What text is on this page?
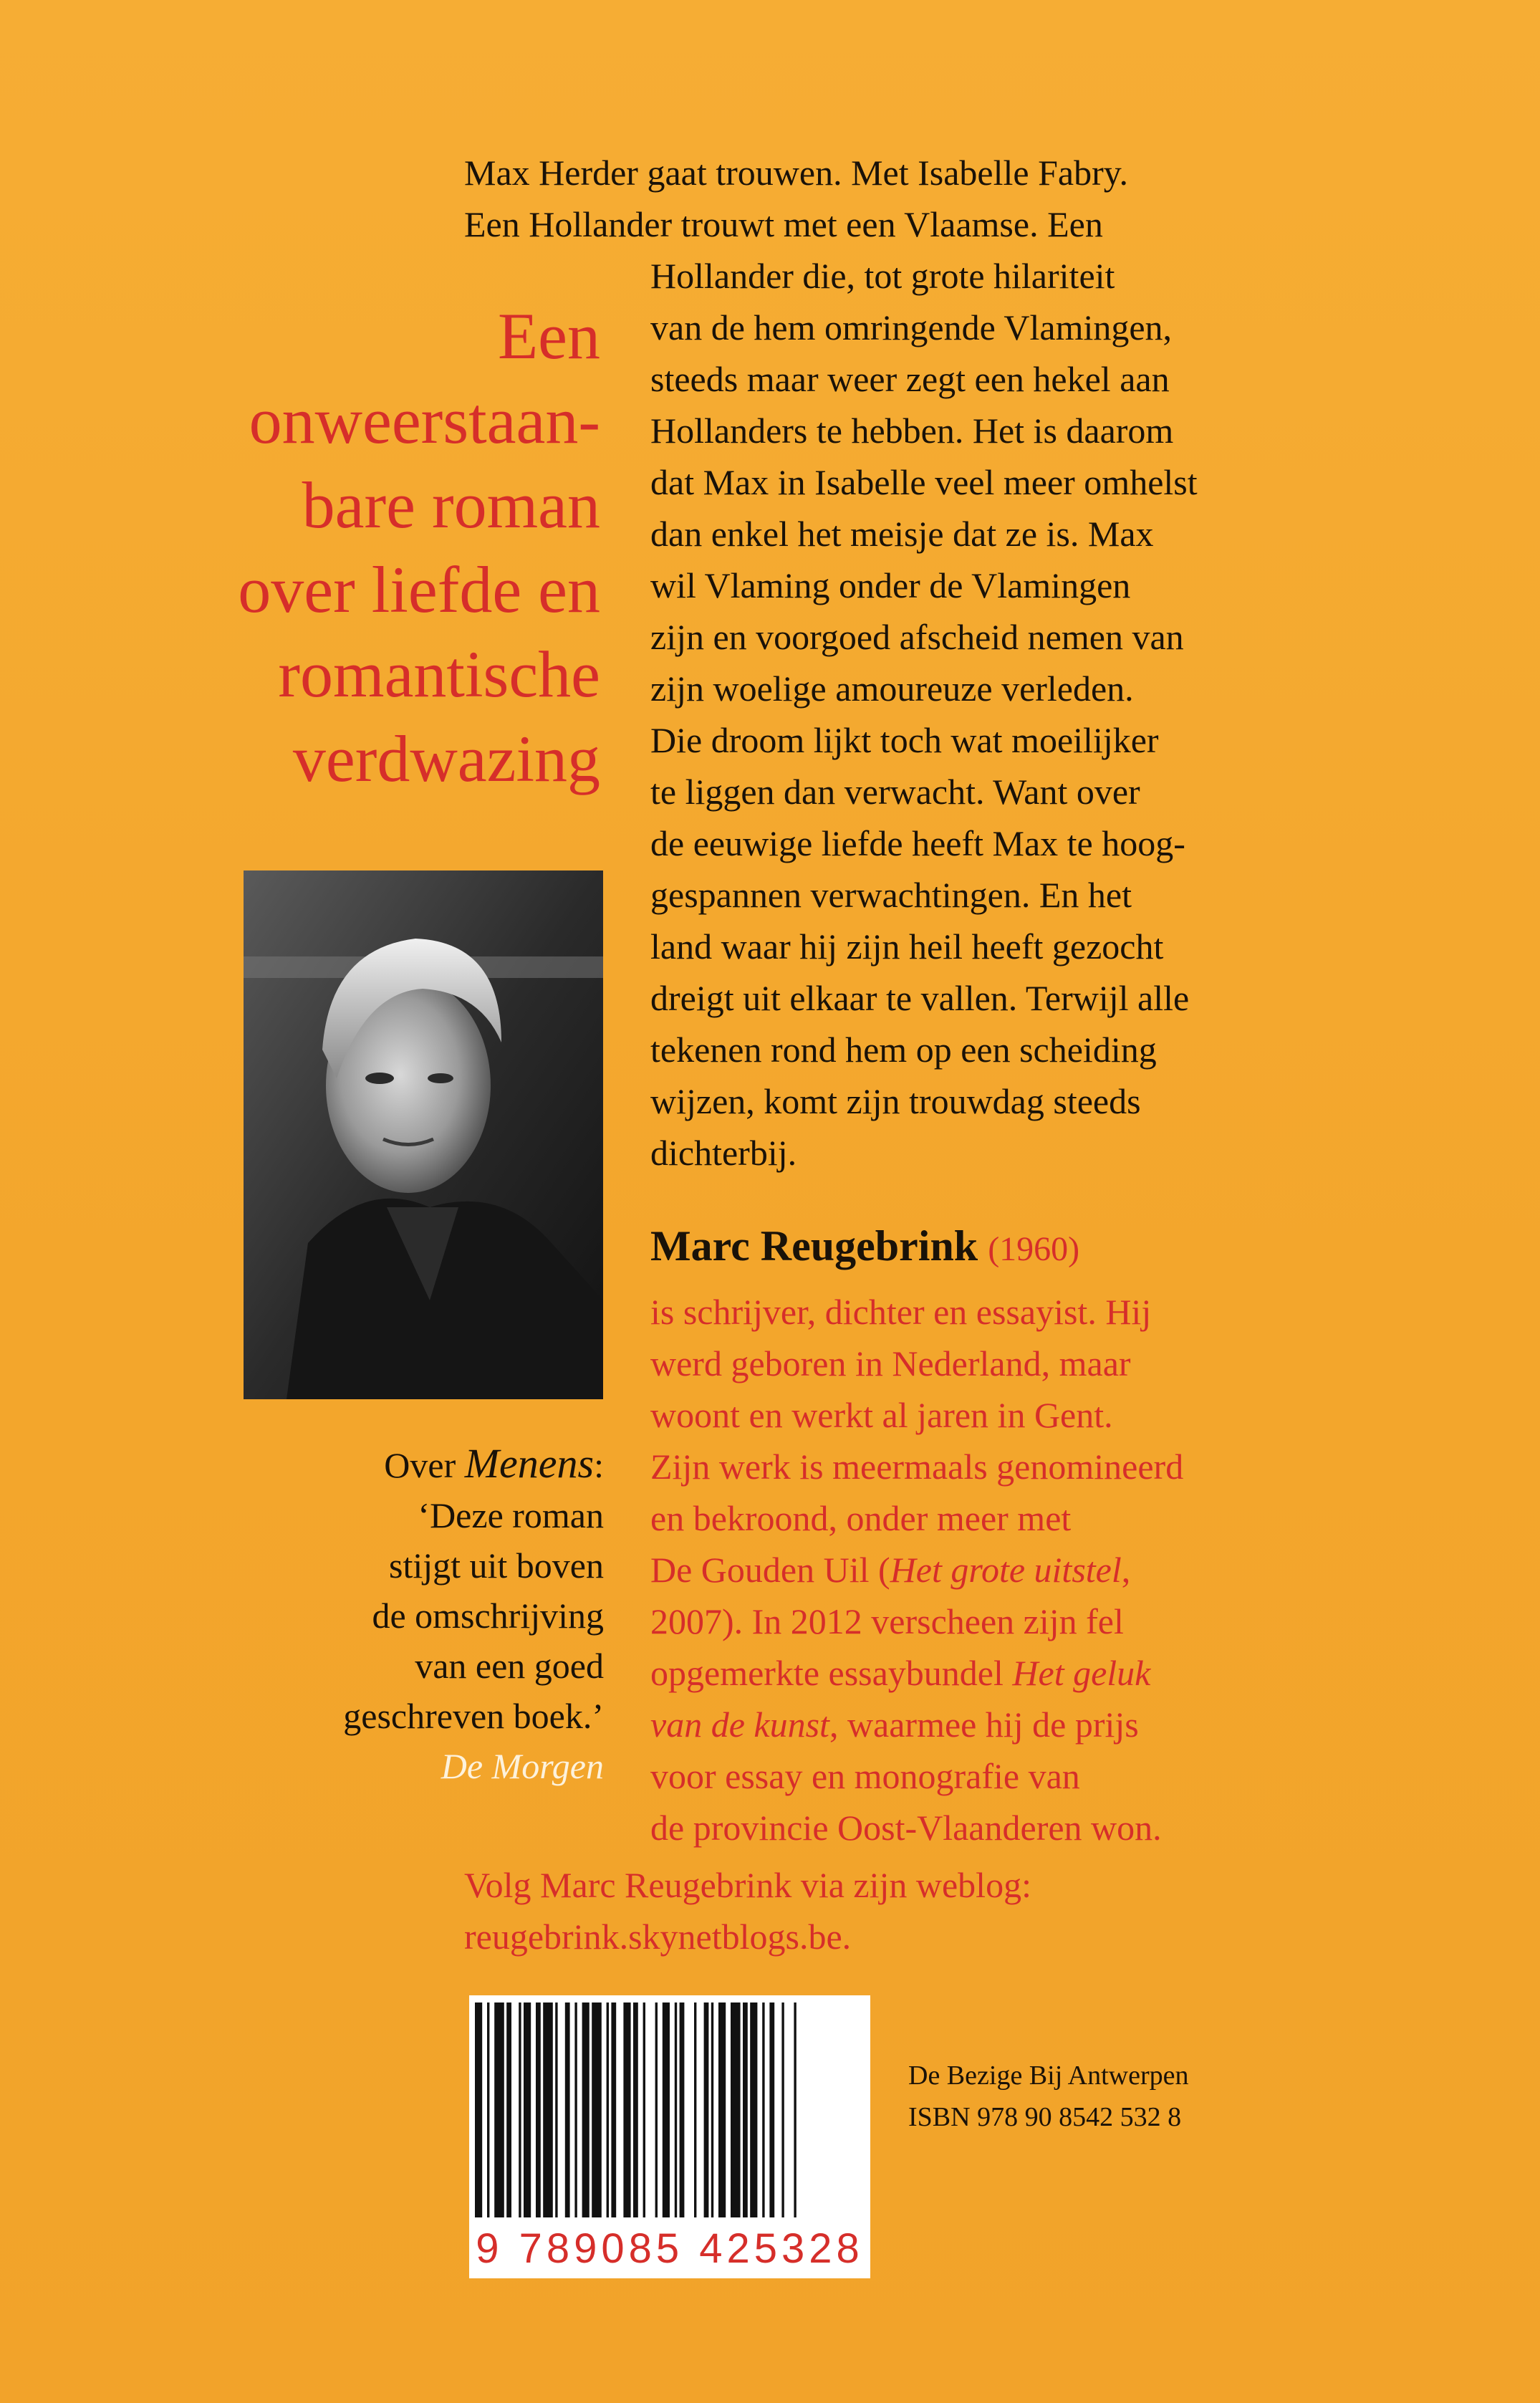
Max Herder gaat trouwen. Met Isabelle Fabry.
Een Hollander trouwt met een Vlaamse. Een
Hollander die, tot grote hilariteit
van de hem omringende Vlamingen,
steeds maar weer zegt een hekel aan
Hollanders te hebben. Het is daarom
dat Max in Isabelle veel meer omhelst
dan enkel het meisje dat ze is. Max
wil Vlaming onder de Vlamingen
zijn en voorgoed afscheid nemen van
zijn woelige amoureuze verleden.
Die droom lijkt toch wat moeilijker
te liggen dan verwacht. Want over
de eeuwige liefde heeft Max te hoog-
gespannen verwachtingen. En het
land waar hij zijn heil heeft gezocht
dreigt uit elkaar te vallen. Terwijl alle
tekenen rond hem op een scheiding
wijzen, komt zijn trouwdag steeds
dichterbij.
Een
onweerstaan-
bare roman
over liefde en
romantische
verdwazing
Over Menens:
‘Deze roman
stijgt uit boven
de omschrijving
van een goed
geschreven boek.’
De Morgen
Marc Reugebrink (1960)
is schrijver, dichter en essayist. Hij
werd geboren in Nederland, maar
woont en werkt al jaren in Gent.
Zijn werk is meermaals genomineerd
en bekroond, onder meer met
De Gouden Uil (Het grote uitstel,
2007). In 2012 verscheen zijn fel
opgemerkte essaybundel Het geluk
van de kunst, waarmee hij de prijs
voor essay en monografie van
de provincie Oost-Vlaanderen won.
Volg Marc Reugebrink via zijn weblog:
reugebrink.skynetblogs.be.
9 789085 425328
De Bezige Bij Antwerpen
ISBN 978 90 8542 532 8
